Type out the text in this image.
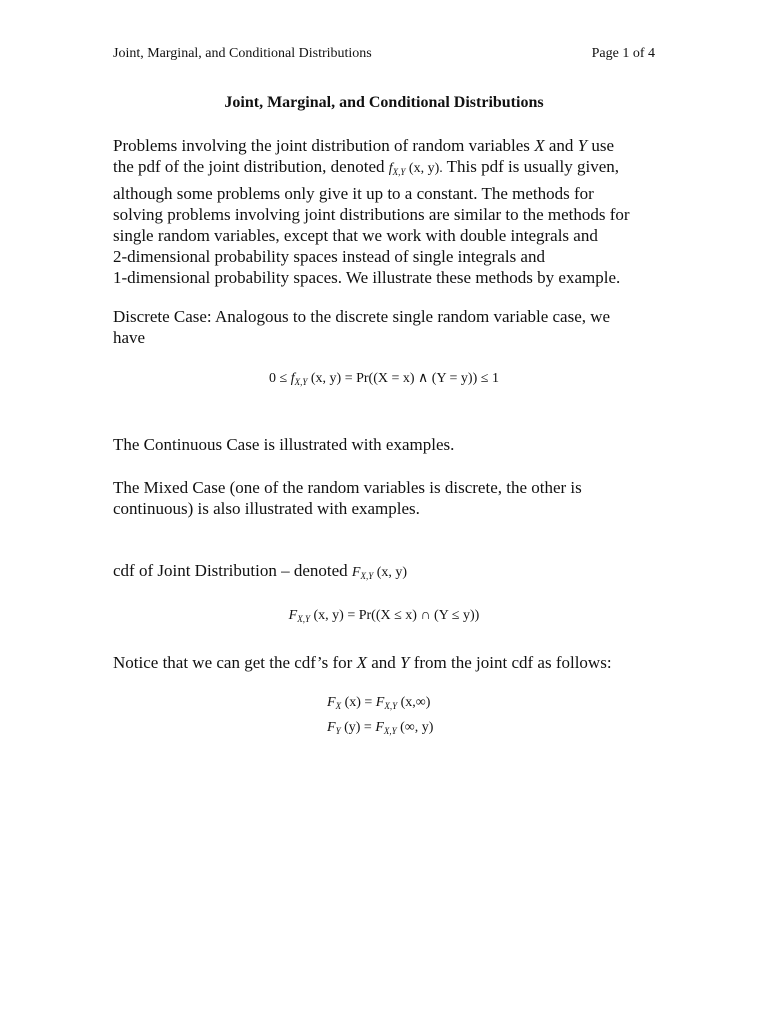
Joint, Marginal, and Conditional Distributions	Page 1 of 4
Joint, Marginal, and Conditional Distributions
Problems involving the joint distribution of random variables X and Y use
the pdf of the joint distribution, denoted $f_{X,Y}$ (x, y). This pdf is usually given,
although some problems only give it up to a constant. The methods for
solving problems involving joint distributions are similar to the methods for
single random variables, except that we work with double integrals and
2-dimensional probability spaces instead of single integrals and
1-dimensional probability spaces. We illustrate these methods by example.
Discrete Case: Analogous to the discrete single random variable case, we
have
$0 \le f_{X,Y}$ (x, y) = Pr((X = x) ∧ (Y = y)) ≤ 1
The Continuous Case is illustrated with examples.
The Mixed Case (one of the random variables is discrete, the other is
continuous) is also illustrated with examples.
cdf of Joint Distribution – denoted $F_{X,Y}$ (x, y)
$F_{X,Y}$ (x, y) = Pr((X ≤ x) ∩ (Y ≤ y))
Notice that we can get the cdf’s for X and Y from the joint cdf as follows:
$F_X$ $(x) = F_{X,Y}$ (x,∞)
$F_Y$ $(y) = F_{X,Y}$ (∞, y)
